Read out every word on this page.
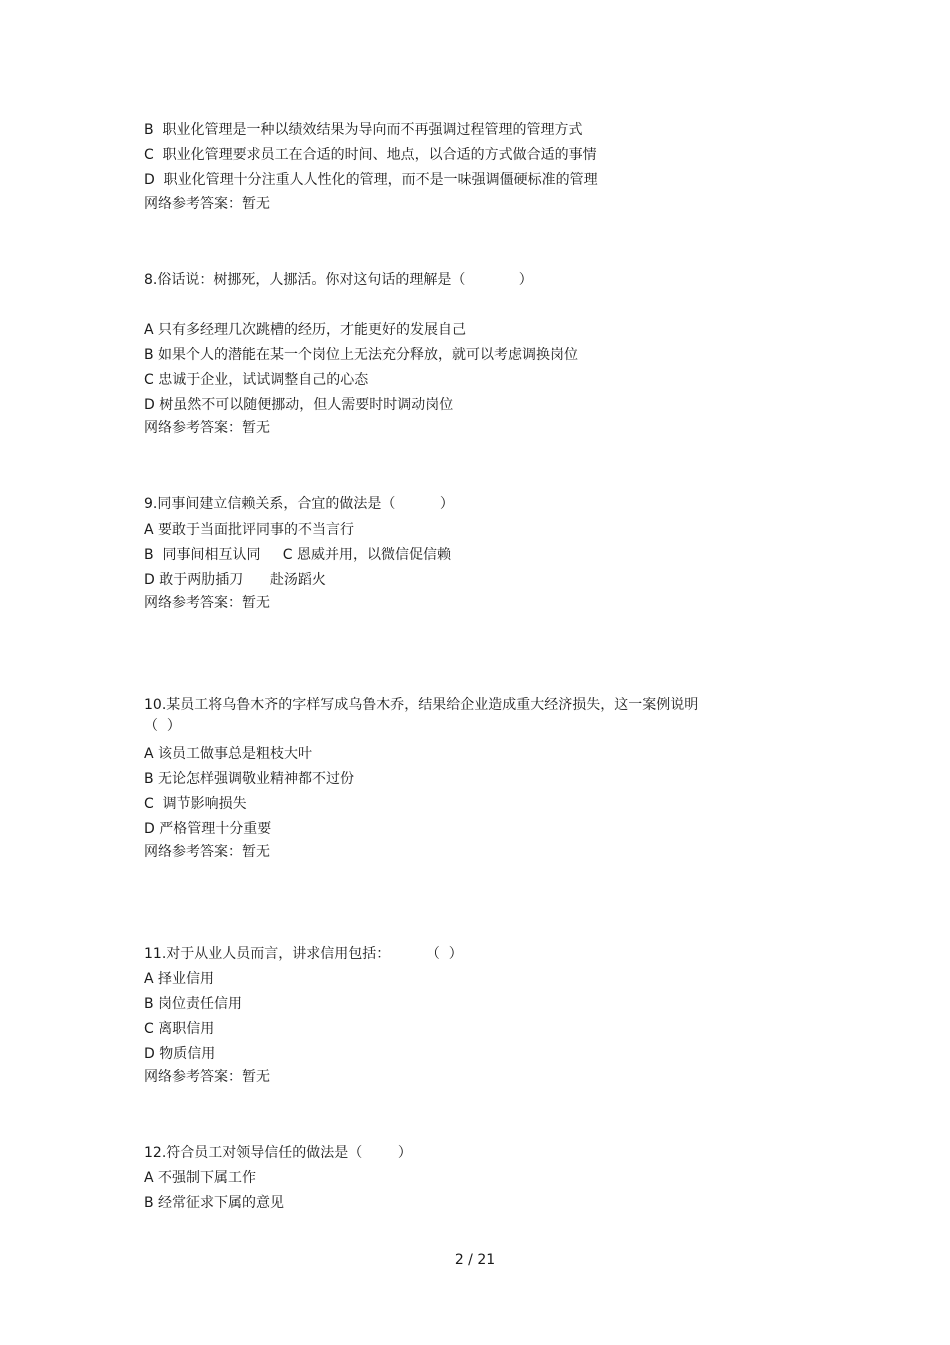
B  职业化管理是一种以绩效结果为导向而不再强调过程管理的管理方式
C  职业化管理要求员工在合适的时间、地点，以合适的方式做合适的事情
D  职业化管理十分注重人人性化的管理，而不是一味强调僵硬标准的管理
网络参考答案：暂无
8.俗话说：树挪死，人挪活。你对这句话的理解是（            ）
A 只有多经理几次跳槽的经历，才能更好的发展自己
B 如果个人的潜能在某一个岗位上无法充分释放，就可以考虑调换岗位
C 忠诚于企业，试试调整自己的心态
D 树虽然不可以随便挪动，但人需要时时调动岗位
网络参考答案：暂无
9.同事间建立信赖关系，合宜的做法是（          ）
A 要敢于当面批评同事的不当言行
B  同事间相互认同     C 恩威并用，以微信促信赖
D 敢于两肋插刀      赴汤蹈火
网络参考答案：暂无
10.某员工将乌鲁木齐的字样写成乌鲁木乔，结果给企业造成重大经济损失，这一案例说明
（  ）
A 该员工做事总是粗枝大叶
B 无论怎样强调敬业精神都不过份
C  调节影响损失
D 严格管理十分重要
网络参考答案：暂无
11.对于从业人员而言，讲求信用包括：        （  ）
A 择业信用
B 岗位责任信用
C 离职信用
D 物质信用
网络参考答案：暂无
12.符合员工对领导信任的做法是（        ）
A 不强制下属工作
B 经常征求下属的意见
2 / 21
